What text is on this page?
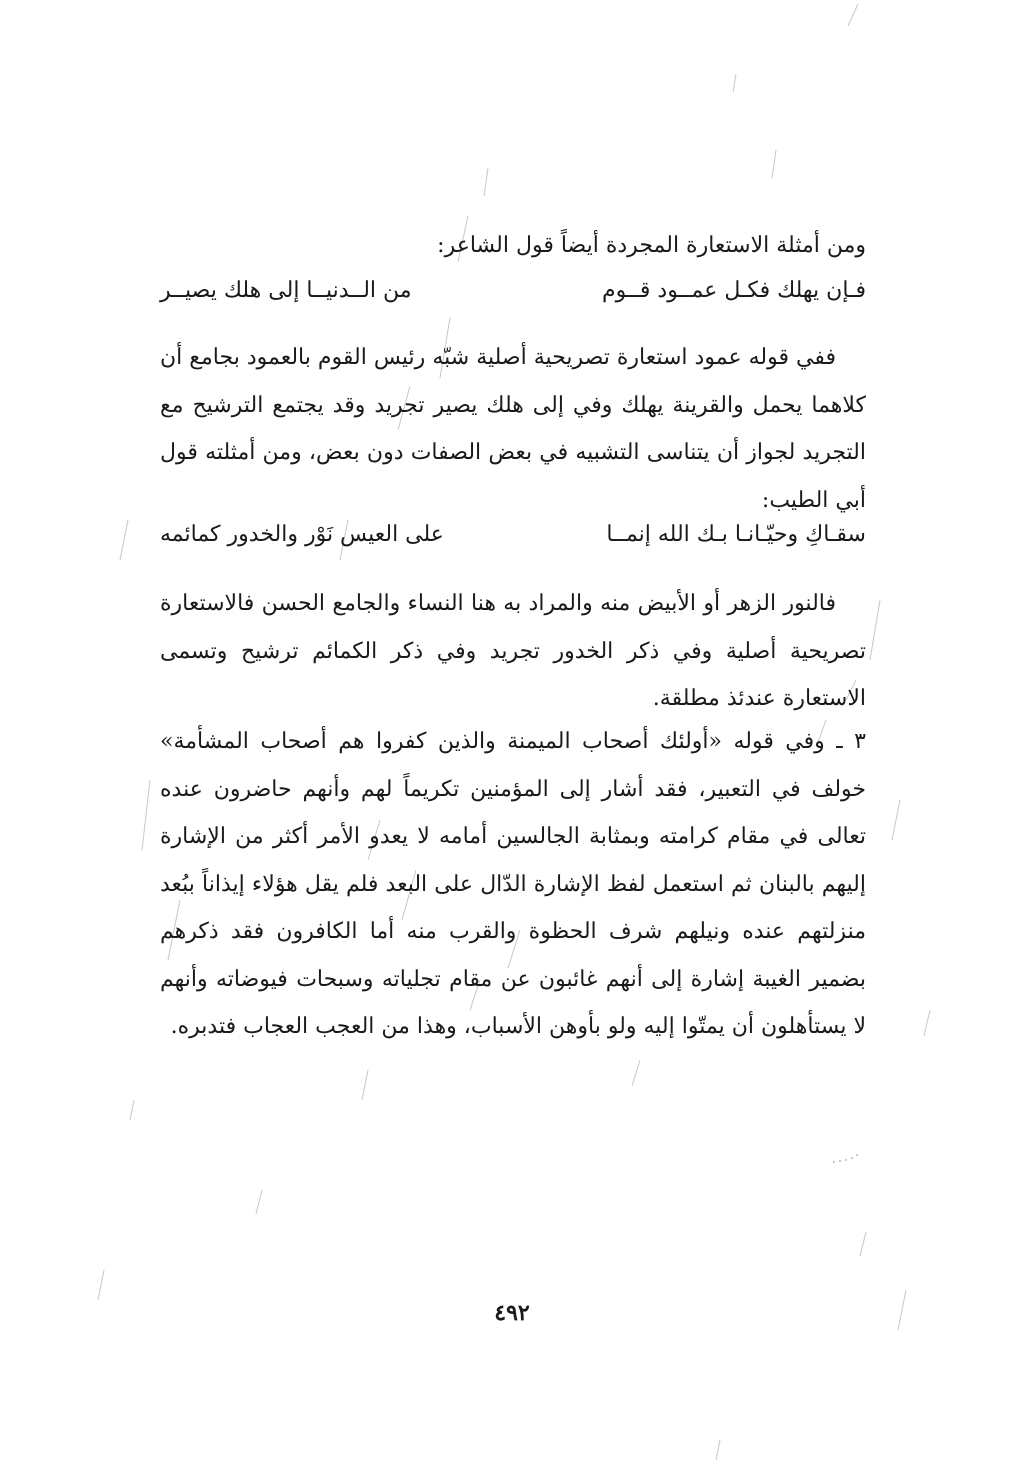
ومن أمثلة الاستعارة المجردة أيضاً قول الشاعر:

فـإن يهلك فكـل عمــود قــوم
من الــدنيــا إلى هلك يصيــر

ففي قوله عمود استعارة تصريحية أصلية شبّه رئيس القوم بالعمود بجامع أن كلاهما يحمل والقرينة يهلك وفي إلى هلك يصير تجريد وقد يجتمع الترشيح مع التجريد لجواز أن يتناسى التشبيه في بعض الصفات دون بعض، ومن أمثلته قول أبي الطيب:

سقـاكِ وحيّـانـا بـك الله إنمــا
على العيس نَوْر والخدور كمائمه

فالنور الزهر أو الأبيض منه والمراد به هنا النساء والجامع الحسن فالاستعارة تصريحية أصلية وفي ذكر الخدور تجريد وفي ذكر الكمائم ترشيح وتسمى الاستعارة عندئذ مطلقة.

٣ ـ وفي قوله «أولئك أصحاب الميمنة والذين كفروا هم أصحاب المشأمة» خولف في التعبير، فقد أشار إلى المؤمنين تكريماً لهم وأنهم حاضرون عنده تعالى في مقام كرامته وبمثابة الجالسين أمامه لا يعدو الأمر أكثر من الإشارة إليهم بالبنان ثم استعمل لفظ الإشارة الدّال على البعد فلم يقل هؤلاء إيذاناً ببُعد منزلتهم عنده ونيلهم شرف الحظوة والقرب منه أما الكافرون فقد ذكرهم بضمير الغيبة إشارة إلى أنهم غائبون عن مقام تجلياته وسبحات فيوضاته وأنهم لا يستأهلون أن يمتّوا إليه ولو بأوهن الأسباب، وهذا من العجب العجاب فتدبره.

٤٩٢
